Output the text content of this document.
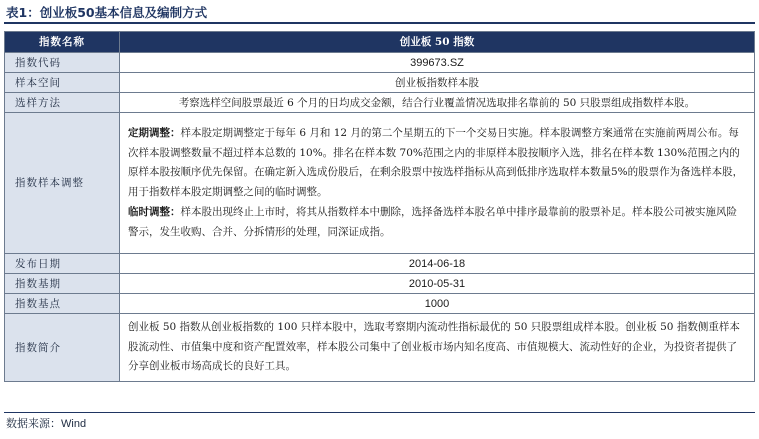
表1：创业板50基本信息及编制方式
指数名称	创业板 50 指数
指数代码	399673.SZ
样本空间	创业板指数样本股
选样方法	考察选样空间股票最近 6 个月的日均成交金额，结合行业覆盖情况选取排名靠前的 50 只股票组成指数样本股。
指数样本调整	定期调整：样本股定期调整定于每年 6 月和 12 月的第二个星期五的下一个交易日实施。样本股调整方案通常在实施前两周公布。每次样本股调整数量不超过样本总数的 10%。排名在样本数 70%范围之内的非原样本股按顺序入选，排名在样本数 130%范围之内的原样本股按顺序优先保留。在确定新入选成份股后，在剩余股票中按选样指标从高到低排序选取样本数量5%的股票作为备选样本股，用于指数样本股定期调整之间的临时调整。
临时调整：样本股出现终止上市时，将其从指数样本中删除，选择备选样本股名单中排序最靠前的股票补足。样本股公司被实施风险警示，发生收购、合并、分拆情形的处理，同深证成指。

发布日期	2014-06-18
指数基期	2010-05-31
指数基点	1000
指数简介	创业板 50 指数从创业板指数的 100 只样本股中，选取考察期内流动性指标最优的 50 只股票组成样本股。创业板 50 指数侧重样本股流动性、市值集中度和资产配置效率，样本股公司集中了创业板市场内知名度高、市值规模大、流动性好的企业，为投资者提供了分享创业板市场高成长的良好工具。
数据来源：Wind
